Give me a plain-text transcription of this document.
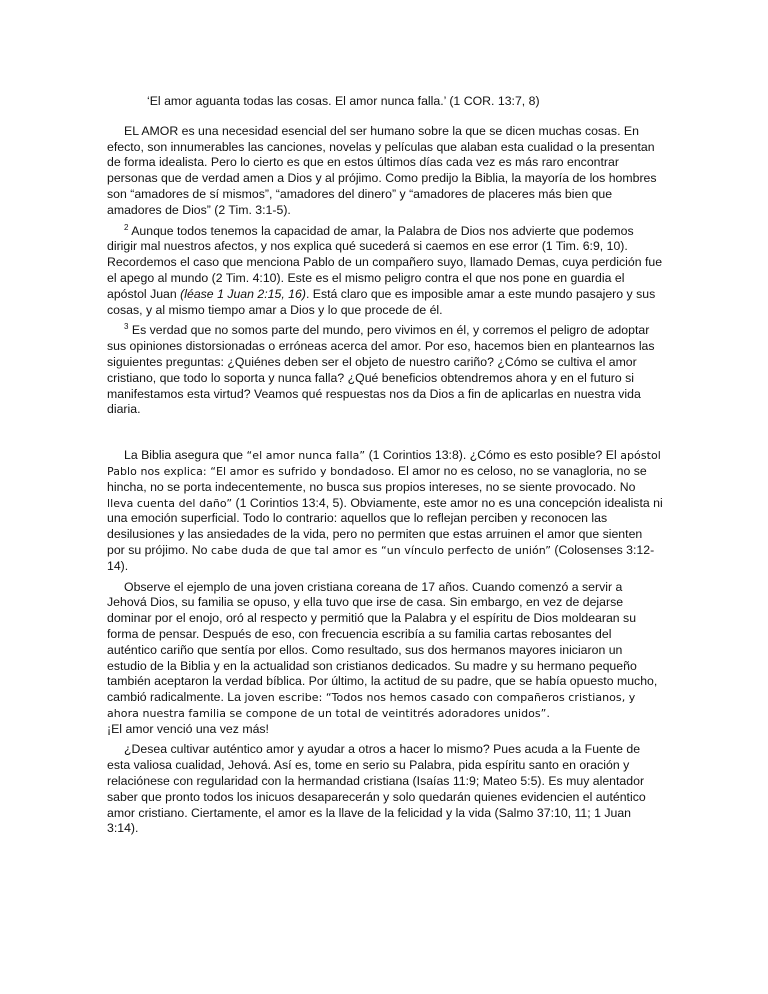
‘El amor aguanta todas las cosas. El amor nunca falla.’ (1 COR. 13:7, 8)

EL AMOR es una necesidad esencial del ser humano sobre la que se dicen muchas cosas. En efecto, son innumerables las canciones, novelas y películas que alaban esta cualidad o la presentan de forma idealista. Pero lo cierto es que en estos últimos días cada vez es más raro encontrar personas que de verdad amen a Dios y al prójimo. Como predijo la Biblia, la mayoría de los hombres son “amadores de sí mismos”, “amadores del dinero” y “amadores de placeres más bien que amadores de Dios” (2 Tim. 3:1-5).

$^2$ Aunque todos tenemos la capacidad de amar, la Palabra de Dios nos advierte que podemos dirigir mal nuestros afectos, y nos explica qué sucederá si caemos en ese error (1 Tim. 6:9, 10). Recordemos el caso que menciona Pablo de un compañero suyo, llamado Demas, cuya perdición fue el apego al mundo (2 Tim. 4:10). Este es el mismo peligro contra el que nos pone en guardia el apóstol Juan (léase 1 Juan 2:15, 16). Está claro que es imposible amar a este mundo pasajero y sus cosas, y al mismo tiempo amar a Dios y lo que procede de él.

$^3$ Es verdad que no somos parte del mundo, pero vivimos en él, y corremos el peligro de adoptar sus opiniones distorsionadas o erróneas acerca del amor. Por eso, hacemos bien en plantearnos las siguientes preguntas: ¿Quiénes deben ser el objeto de nuestro cariño? ¿Cómo se cultiva el amor cristiano, que todo lo soporta y nunca falla? ¿Qué beneficios obtendremos ahora y en el futuro si manifestamos esta virtud? Veamos qué respuestas nos da Dios a fin de aplicarlas en nuestra vida diaria.

La Biblia asegura que “el amor nunca falla” (1 Corintios 13:8). ¿Cómo es esto posible? El apóstol Pablo nos explica: “El amor es sufrido y bondadoso. El amor no es celoso, no se vanagloria, no se hincha, no se porta indecentemente, no busca sus propios intereses, no se siente provocado. No lleva cuenta del daño” (1 Corintios 13:4, 5). Obviamente, este amor no es una concepción idealista ni una emoción superficial. Todo lo contrario: aquellos que lo reflejan perciben y reconocen las desilusiones y las ansiedades de la vida, pero no permiten que estas arruinen el amor que sienten por su prójimo. No cabe duda de que tal amor es “un vínculo perfecto de unión” (Colosenses 3:12-14).

Observe el ejemplo de una joven cristiana coreana de 17 años. Cuando comenzó a servir a Jehová Dios, su familia se opuso, y ella tuvo que irse de casa. Sin embargo, en vez de dejarse dominar por el enojo, oró al respecto y permitió que la Palabra y el espíritu de Dios moldearan su forma de pensar. Después de eso, con frecuencia escribía a su familia cartas rebosantes del auténtico cariño que sentía por ellos. Como resultado, sus dos hermanos mayores iniciaron un estudio de la Biblia y en la actualidad son cristianos dedicados. Su madre y su hermano pequeño también aceptaron la verdad bíblica. Por último, la actitud de su padre, que se había opuesto mucho, cambió radicalmente. La joven escribe: “Todos nos hemos casado con compañeros cristianos, y ahora nuestra familia se compone de un total de veintitrés adoradores unidos”.
¡El amor venció una vez más!

¿Desea cultivar auténtico amor y ayudar a otros a hacer lo mismo? Pues acuda a la Fuente de esta valiosa cualidad, Jehová. Así es, tome en serio su Palabra, pida espíritu santo en oración y relaciónese con regularidad con la hermandad cristiana (Isaías 11:9; Mateo 5:5). Es muy alentador saber que pronto todos los inicuos desaparecerán y solo quedarán quienes evidencien el auténtico amor cristiano. Ciertamente, el amor es la llave de la felicidad y la vida (Salmo 37:10, 11; 1 Juan 3:14).
